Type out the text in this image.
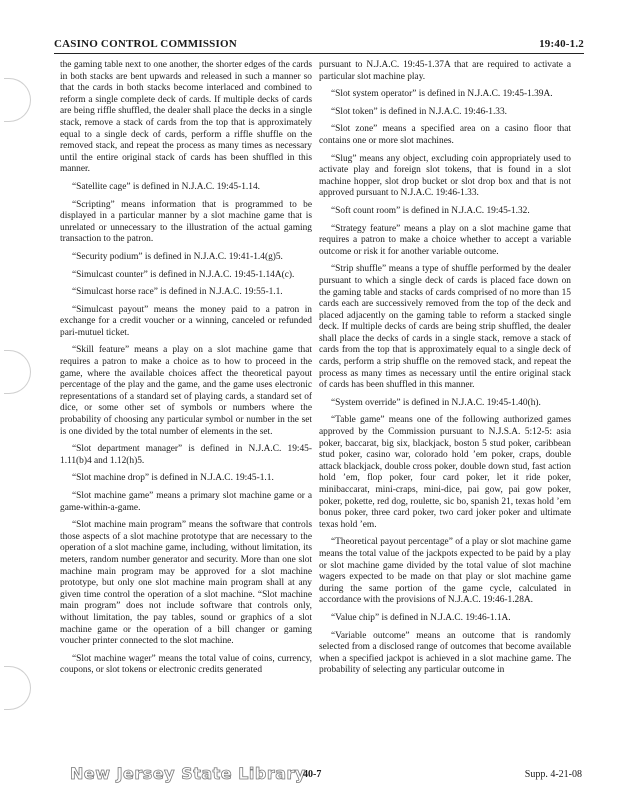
CASINO CONTROL COMMISSION	19:40-1.2

the gaming table next to one another, the shorter edges of the cards in both stacks are bent upwards and released in such a manner so that the cards in both stacks become interlaced and combined to reform a single complete deck of cards. If multiple decks of cards are being riffle shuffled, the dealer shall place the decks in a single stack, remove a stack of cards from the top that is approximately equal to a single deck of cards, perform a riffle shuffle on the removed stack, and repeat the process as many times as necessary until the entire original stack of cards has been shuffled in this manner.

“Satellite cage” is defined in N.J.A.C. 19:45-1.14.

“Scripting” means information that is programmed to be displayed in a particular manner by a slot machine game that is unrelated or unnecessary to the illustration of the actual gaming transaction to the patron.

“Security podium” is defined in N.J.A.C. 19:41-1.4(g)5.

“Simulcast counter” is defined in N.J.A.C. 19:45-1.14A(c).

“Simulcast horse race” is defined in N.J.A.C. 19:55-1.1.

“Simulcast payout” means the money paid to a patron in exchange for a credit voucher or a winning, canceled or refunded pari-mutuel ticket.

“Skill feature” means a play on a slot machine game that requires a patron to make a choice as to how to proceed in the game, where the available choices affect the theoretical payout percentage of the play and the game, and the game uses electronic representations of a standard set of playing cards, a standard set of dice, or some other set of symbols or numbers where the probability of choosing any particular symbol or number in the set is one divided by the total number of elements in the set.

“Slot department manager” is defined in N.J.A.C. 19:45-1.11(b)4 and 1.12(h)5.

“Slot machine drop” is defined in N.J.A.C. 19:45-1.1.

“Slot machine game” means a primary slot machine game or a game-within-a-game.

“Slot machine main program” means the software that controls those aspects of a slot machine prototype that are necessary to the operation of a slot machine game, including, without limitation, its meters, random number generator and security. More than one slot machine main program may be approved for a slot machine prototype, but only one slot machine main program shall at any given time control the operation of a slot machine. “Slot machine main program” does not include software that controls only, without limitation, the pay tables, sound or graphics of a slot machine game or the operation of a bill changer or gaming voucher printer connected to the slot machine.

“Slot machine wager” means the total value of coins, currency, coupons, or slot tokens or electronic credits generated

pursuant to N.J.A.C. 19:45-1.37A that are required to activate a particular slot machine play.

“Slot system operator” is defined in N.J.A.C. 19:45-1.39A.

“Slot token” is defined in N.J.A.C. 19:46-1.33.

“Slot zone” means a specified area on a casino floor that contains one or more slot machines.

“Slug” means any object, excluding coin appropriately used to activate play and foreign slot tokens, that is found in a slot machine hopper, slot drop bucket or slot drop box and that is not approved pursuant to N.J.A.C. 19:46-1.33.

“Soft count room” is defined in N.J.A.C. 19:45-1.32.

“Strategy feature” means a play on a slot machine game that requires a patron to make a choice whether to accept a variable outcome or risk it for another variable outcome.

“Strip shuffle” means a type of shuffle performed by the dealer pursuant to which a single deck of cards is placed face down on the gaming table and stacks of cards comprised of no more than 15 cards each are successively removed from the top of the deck and placed adjacently on the gaming table to reform a stacked single deck. If multiple decks of cards are being strip shuffled, the dealer shall place the decks of cards in a single stack, remove a stack of cards from the top that is approximately equal to a single deck of cards, perform a strip shuffle on the removed stack, and repeat the process as many times as necessary until the entire original stack of cards has been shuffled in this manner.

“System override” is defined in N.J.A.C. 19:45-1.40(h).

“Table game” means one of the following authorized games approved by the Commission pursuant to N.J.S.A. 5:12-5: asia poker, baccarat, big six, blackjack, boston 5 stud poker, caribbean stud poker, casino war, colorado hold ’em poker, craps, double attack blackjack, double cross poker, double down stud, fast action hold ’em, flop poker, four card poker, let it ride poker, minibaccarat, mini-craps, mini-dice, pai gow, pai gow poker, poker, pokette, red dog, roulette, sic bo, spanish 21, texas hold ’em bonus poker, three card poker, two card joker poker and ultimate texas hold ’em.

“Theoretical payout percentage” of a play or slot machine game means the total value of the jackpots expected to be paid by a play or slot machine game divided by the total value of slot machine wagers expected to be made on that play or slot machine game during the same portion of the game cycle, calculated in accordance with the provisions of N.J.A.C. 19:46-1.28A.

“Value chip” is defined in N.J.A.C. 19:46-1.1A.

“Variable outcome” means an outcome that is randomly selected from a disclosed range of outcomes that become available when a specified jackpot is achieved in a slot machine game. The probability of selecting any particular outcome in

New Jersey State Library
40-7	Supp. 4-21-08
